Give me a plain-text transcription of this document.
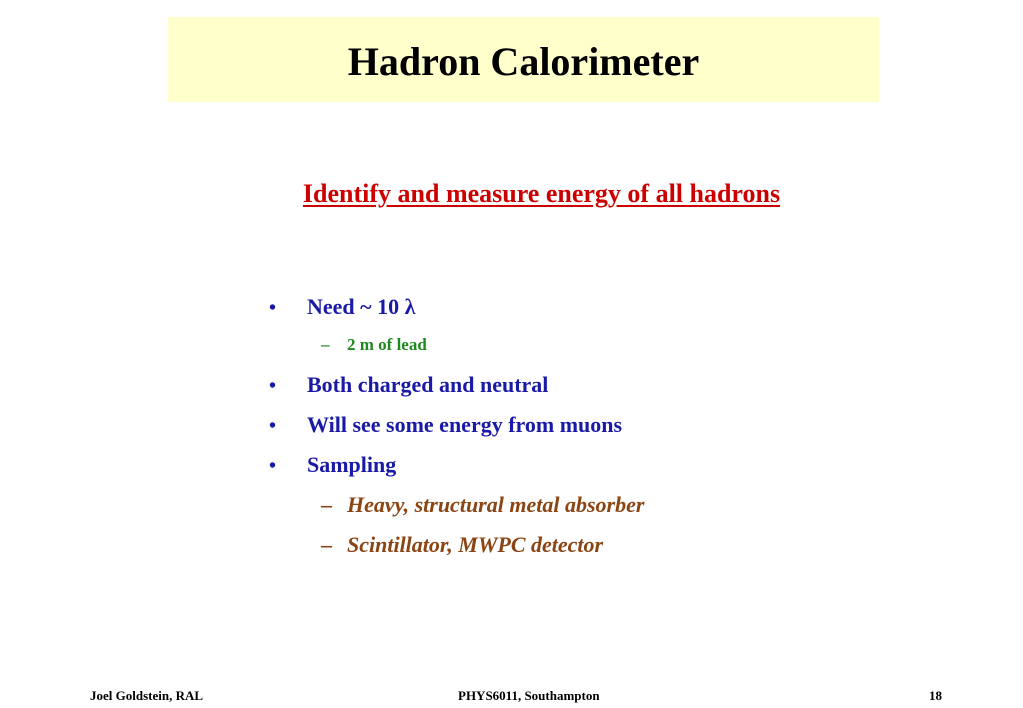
Hadron Calorimeter
Identify and measure energy of all hadrons
•	Need ~ 10 λ
–	2 m of lead
•	Both charged and neutral
•	Will see some energy from muons
•	Sampling
– Heavy, structural metal absorber
– Scintillator, MWPC detector
Joel Goldstein, RAL	PHYS6011, Southampton	18
